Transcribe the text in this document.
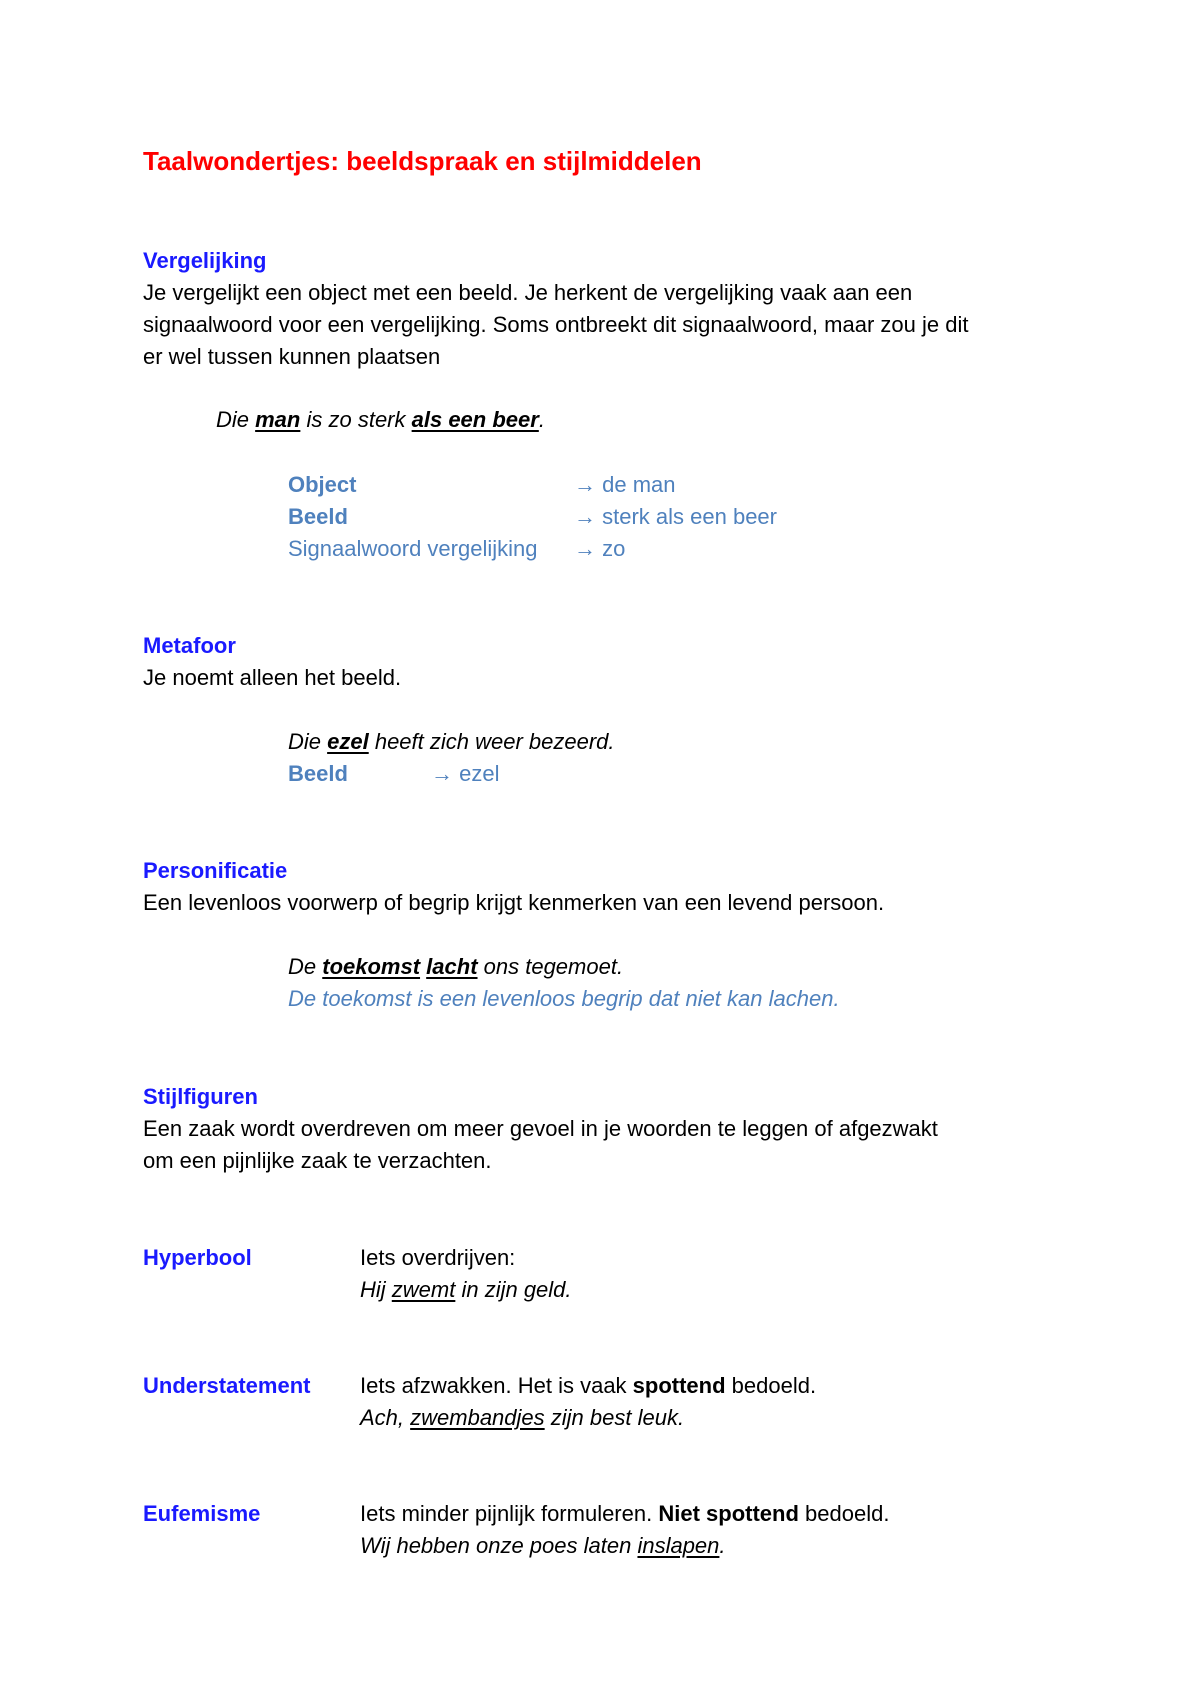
Taalwondertjes: beeldspraak en stijlmiddelen
Vergelijking
Je vergelijkt een object met een beeld. Je herkent de vergelijking vaak aan een
signaalwoord voor een vergelijking. Soms ontbreekt dit signaalwoord, maar zou je dit
er wel tussen kunnen plaatsen
Die man is zo sterk als een beer.
Object	→ de man
Beeld	→ sterk als een beer
Signaalwoord vergelijking → zo
Metafoor
Je noemt alleen het beeld.
Die ezel heeft zich weer bezeerd.
Beeld	→ ezel
Personificatie
Een levenloos voorwerp of begrip krijgt kenmerken van een levend persoon.
De toekomst lacht ons tegemoet.
De toekomst is een levenloos begrip dat niet kan lachen.
Stijlfiguren
Een zaak wordt overdreven om meer gevoel in je woorden te leggen of afgezwakt
om een pijnlijke zaak te verzachten.
Hyperbool	Iets overdrijven:
Hij zwemt in zijn geld.
Understatement Iets afzwakken. Het is vaak spottend bedoeld.
Ach, zwembandjes zijn best leuk.
Eufemisme	Iets minder pijnlijk formuleren. Niet spottend bedoeld.
Wij hebben onze poes laten inslapen.
